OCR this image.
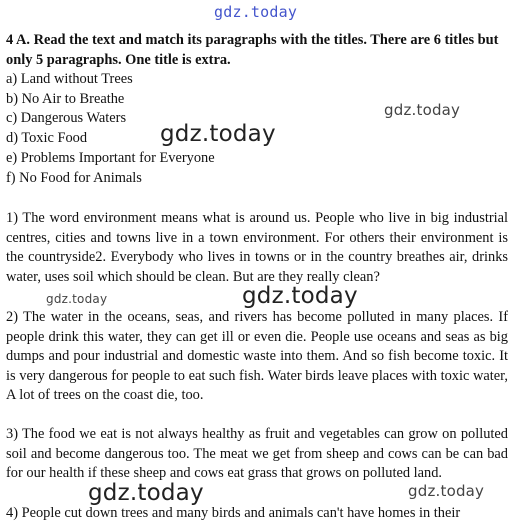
gdz.today
gdz.today
gdz.today
gdz.today	gdz.today
gdz.today	gdz.today
4 A. Read the text and match its paragraphs with the titles. There are 6 titles but only 5 paragraphs. One title is extra.
a) Land without Trees
b) No Air to Breathe
c) Dangerous Waters
d) Toxic Food
e) Problems Important for Everyone
f) No Food for Animals
1) The word environment means what is around us. People who live in big industrial centres, cities and towns live in a town environment. For others their environment is the countryside2. Everybody who lives in towns or in the country breathes air, drinks water, uses soil which should be clean. But are they really clean?
2) The water in the oceans, seas, and rivers has become polluted in many places. If people drink this water, they can get ill or even die. People use oceans and seas as big dumps and pour industrial and domestic waste into them. And so fish become toxic. It is very dangerous for people to eat such fish. Water birds leave places with toxic water, A lot of trees on the coast die, too.
3) The food we eat is not always healthy as fruit and vegetables can grow on polluted soil and become dangerous too. The meat we get from sheep and cows can be can bad for our health if these sheep and cows eat grass that grows on polluted land.
4) People cut down trees and many birds and animals can't have homes in their
